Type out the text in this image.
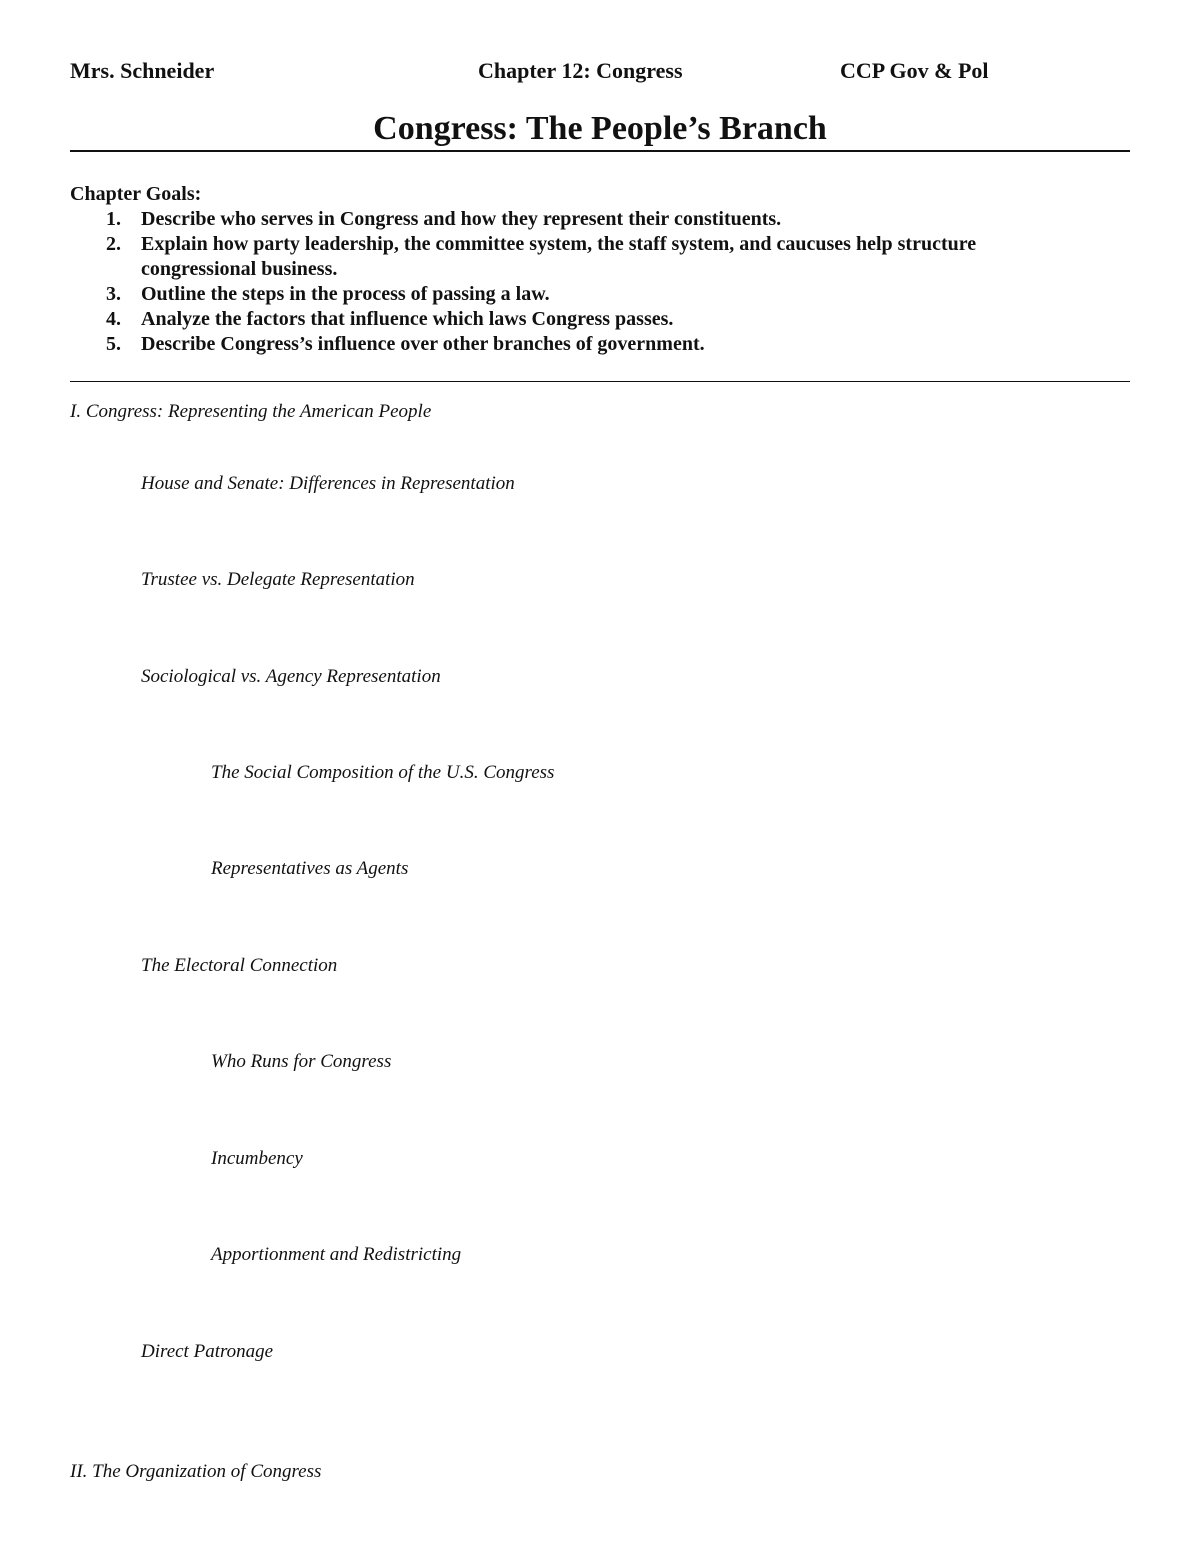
Mrs. Schneider	Chapter 12: Congress	CCP Gov & Pol
Congress: The People’s Branch
Chapter Goals:
1. Describe who serves in Congress and how they represent their constituents.
2. Explain how party leadership, the committee system, the staff system, and caucuses help structure congressional business.
3. Outline the steps in the process of passing a law.
4. Analyze the factors that influence which laws Congress passes.
5. Describe Congress’s influence over other branches of government.
I. Congress: Representing the American People
House and Senate: Differences in Representation
Trustee vs. Delegate Representation
Sociological vs. Agency Representation
The Social Composition of the U.S. Congress
Representatives as Agents
The Electoral Connection
Who Runs for Congress
Incumbency
Apportionment and Redistricting
Direct Patronage
II. The Organization of Congress
